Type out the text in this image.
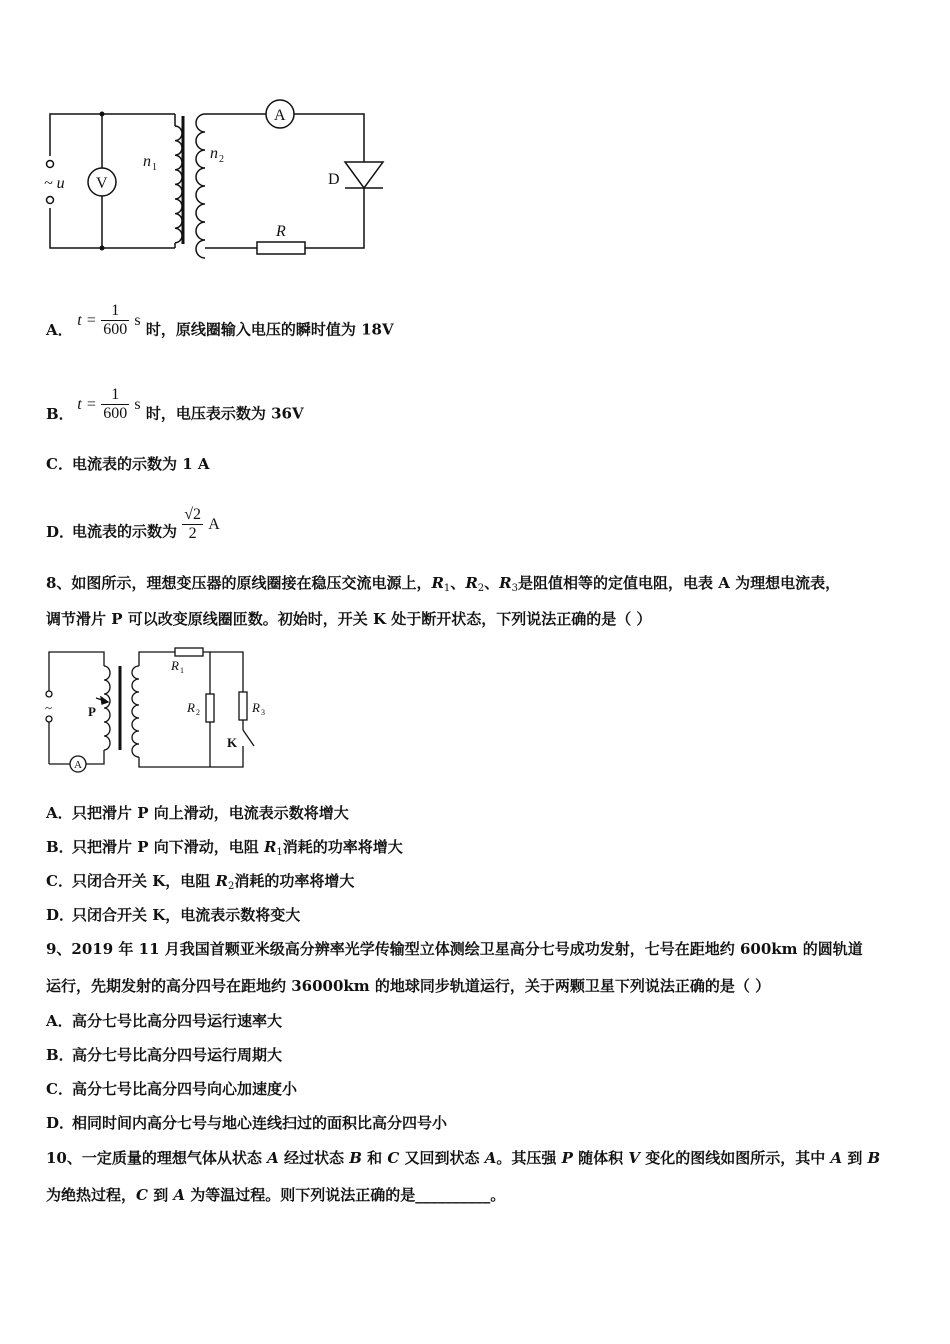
V
A
~ u
n 1
n 2
D
R
A． $t = \frac{1}{600}$ s 时，原线圈输入电压的瞬时值为 18V
B． $t = \frac{1}{600}$ s 时，电压表示数为 36V
C．电流表的示数为 1 A
D．电流表的示数为 $\frac{√2}{2}$ A
8、如图所示，理想变压器的原线圈接在稳压交流电源上，$R_1$、$R_2$、$R_3$是阻值相等的定值电阻，电表 A 为理想电流表，
调节滑片 P 可以改变原线圈匝数。初始时，开关 K 处于断开状态，下列说法正确的是（ ）
~	P
A
K
R 1
R 2	R 3
A．只把滑片 P 向上滑动，电流表示数将增大
B．只把滑片 P 向下滑动，电阻 $R_1$消耗的功率将增大
C．只闭合开关 K，电阻 $R_2$消耗的功率将增大
D．只闭合开关 K，电流表示数将变大
9、2019 年 11 月我国首颗亚米级高分辨率光学传输型立体测绘卫星高分七号成功发射，七号在距地约 600km 的圆轨道
运行，先期发射的高分四号在距地约 36000km 的地球同步轨道运行，关于两颗卫星下列说法正确的是（ ）
A．高分七号比高分四号运行速率大
B．高分七号比高分四号运行周期大
C．高分七号比高分四号向心加速度小
D．相同时间内高分七号与地心连线扫过的面积比高分四号小
10、一定质量的理想气体从状态 A 经过状态 B 和 C 又回到状态 A。其压强 P 随体积 V 变化的图线如图所示，其中 A 到 B
为绝热过程，C 到 A 为等温过程。则下列说法正确的是__________。
